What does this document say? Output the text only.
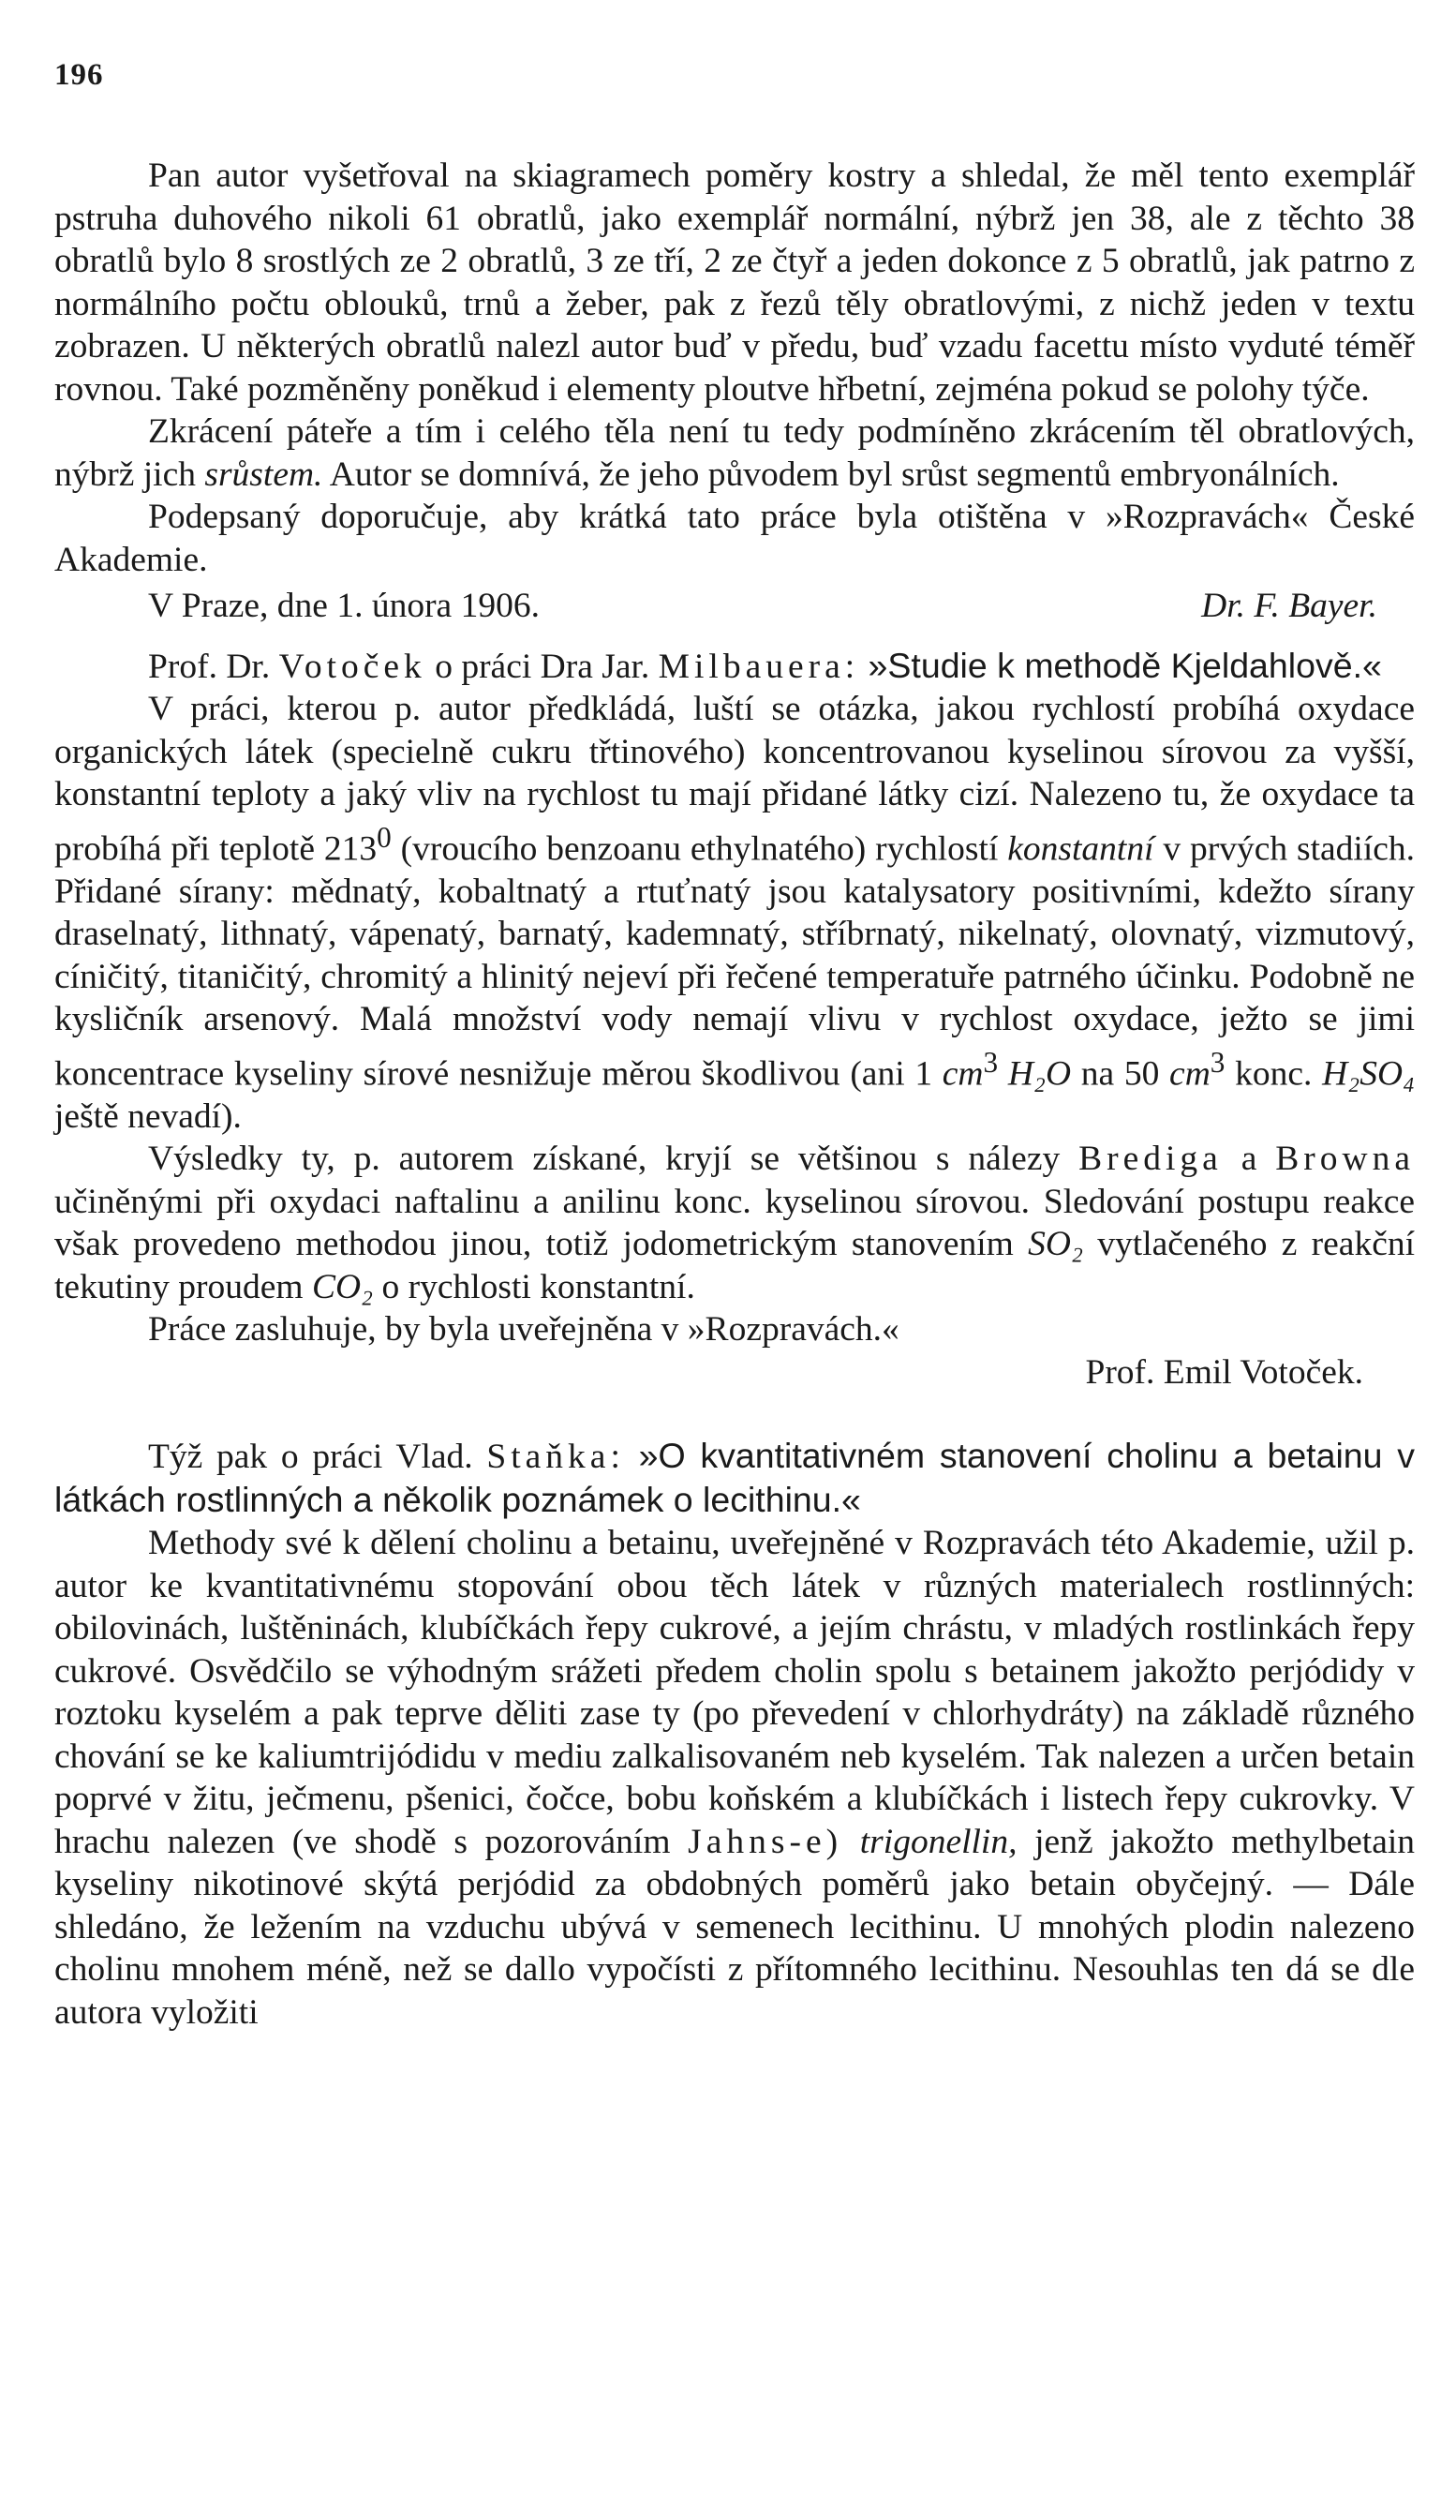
196

Pan autor vyšetřoval na skiagramech poměry kostry a shledal, že měl tento exemplář pstruha duhového nikoli 61 obratlů, jako exemplář normální, nýbrž jen 38, ale z těchto 38 obratlů bylo 8 srostlých ze 2 obratlů, 3 ze tří, 2 ze čtyř a jeden dokonce z 5 obratlů, jak patrno z normálního počtu oblouků, trnů a žeber, pak z řezů těly obratlovými, z nichž jeden v textu zobrazen. U některých obratlů nalezl autor buď v předu, buď vzadu facettu místo vyduté téměř rovnou. Také pozměněny poněkud i elementy ploutve hřbetní, zejména pokud se polohy týče.

Zkrácení páteře a tím i celého těla není tu tedy podmíněno zkrácením těl obratlových, nýbrž jich srůstem. Autor se domnívá, že jeho původem byl srůst segmentů embryonálních.

Podepsaný doporučuje, aby krátká tato práce byla otištěna v »Rozpravách« České Akademie.

V Praze, dne 1. února 1906.	Dr. F. Bayer.

Prof. Dr. Votoček o práci Dra Jar. Milbauera: »Studie k methodě Kjeldahlově.«

V práci, kterou p. autor předkládá, luští se otázka, jakou rychlostí probíhá oxydace organických látek (specielně cukru třtinového) koncentrovanou kyselinou sírovou za vyšší, konstantní teploty a jaký vliv na rychlost tu mají přidané látky cizí. Nalezeno tu, že oxydace ta probíhá při teplotě $213^0$ (vroucího benzoanu ethylnatého) rychlostí konstantní v prvých stadiích. Přidané sírany: mědnatý, kobaltnatý a rtuťnatý jsou katalysatory positivními, kdežto sírany draselnatý, lithnatý, vápenatý, barnatý, kademnatý, stříbrnatý, nikelnatý, olovnatý, vizmutový, cíničitý, titaničitý, chromitý a hlinitý nejeví při řečené temperatuře patrného účinku. Podobně ne kysličník arsenový. Malá množství vody nemají vlivu v rychlost oxydace, ježto se jimi koncentrace kyseliny sírové nesnižuje měrou škodlivou (ani 1 $cm^3$ H₂O na 50 $cm^3$ konc. H₂SO₄ ještě nevadí).

Výsledky ty, p. autorem získané, kryjí se většinou s nálezy Brediga a Browna učiněnými při oxydaci naftalinu a anilinu konc. kyselinou sírovou. Sledování postupu reakce však provedeno methodou jinou, totiž jodometrickým stanovením SO₂ vytlačeného z reakční tekutiny proudem CO₂ o rychlosti konstantní.

Práce zasluhuje, by byla uveřejněna v »Rozpravách.«

Prof. Emil Votoček.

Týž pak o práci Vlad. Staňka: »O kvantitativném stanovení cholinu a betainu v látkách rostlinných a několik poznámek o lecithinu.«

Methody své k dělení cholinu a betainu, uveřejněné v Rozpravách této Akademie, užil p. autor ke kvantitativnému stopování obou těch látek v různých materialech rostlinných: obilovinách, luštěninách, klubíčkách řepy cukrové, a jejím chrástu, v mladých rostlinkách řepy cukrové. Osvědčilo se výhodným srážeti předem cholin spolu s betainem jakožto perjódidy v roztoku kyselém a pak teprve děliti zase ty (po převedení v chlorhydráty) na základě různého chování se ke kaliumtrijódidu v mediu zalkalisovaném neb kyselém. Tak nalezen a určen betain poprvé v žitu, ječmenu, pšenici, čočce, bobu koňském a klubíčkách i listech řepy cukrovky. V hrachu nalezen (ve shodě s pozorováním Jahns-e) trigonellin, jenž jakožto methylbetain kyseliny nikotinové skýtá perjódid za obdobných poměrů jako betain obyčejný. — Dále shledáno, že ležením na vzduchu ubývá v semenech lecithinu. U mnohých plodin nalezeno cholinu mnohem méně, než se dallo vypočísti z přítomného lecithinu. Nesouhlas ten dá se dle autora vyložiti
